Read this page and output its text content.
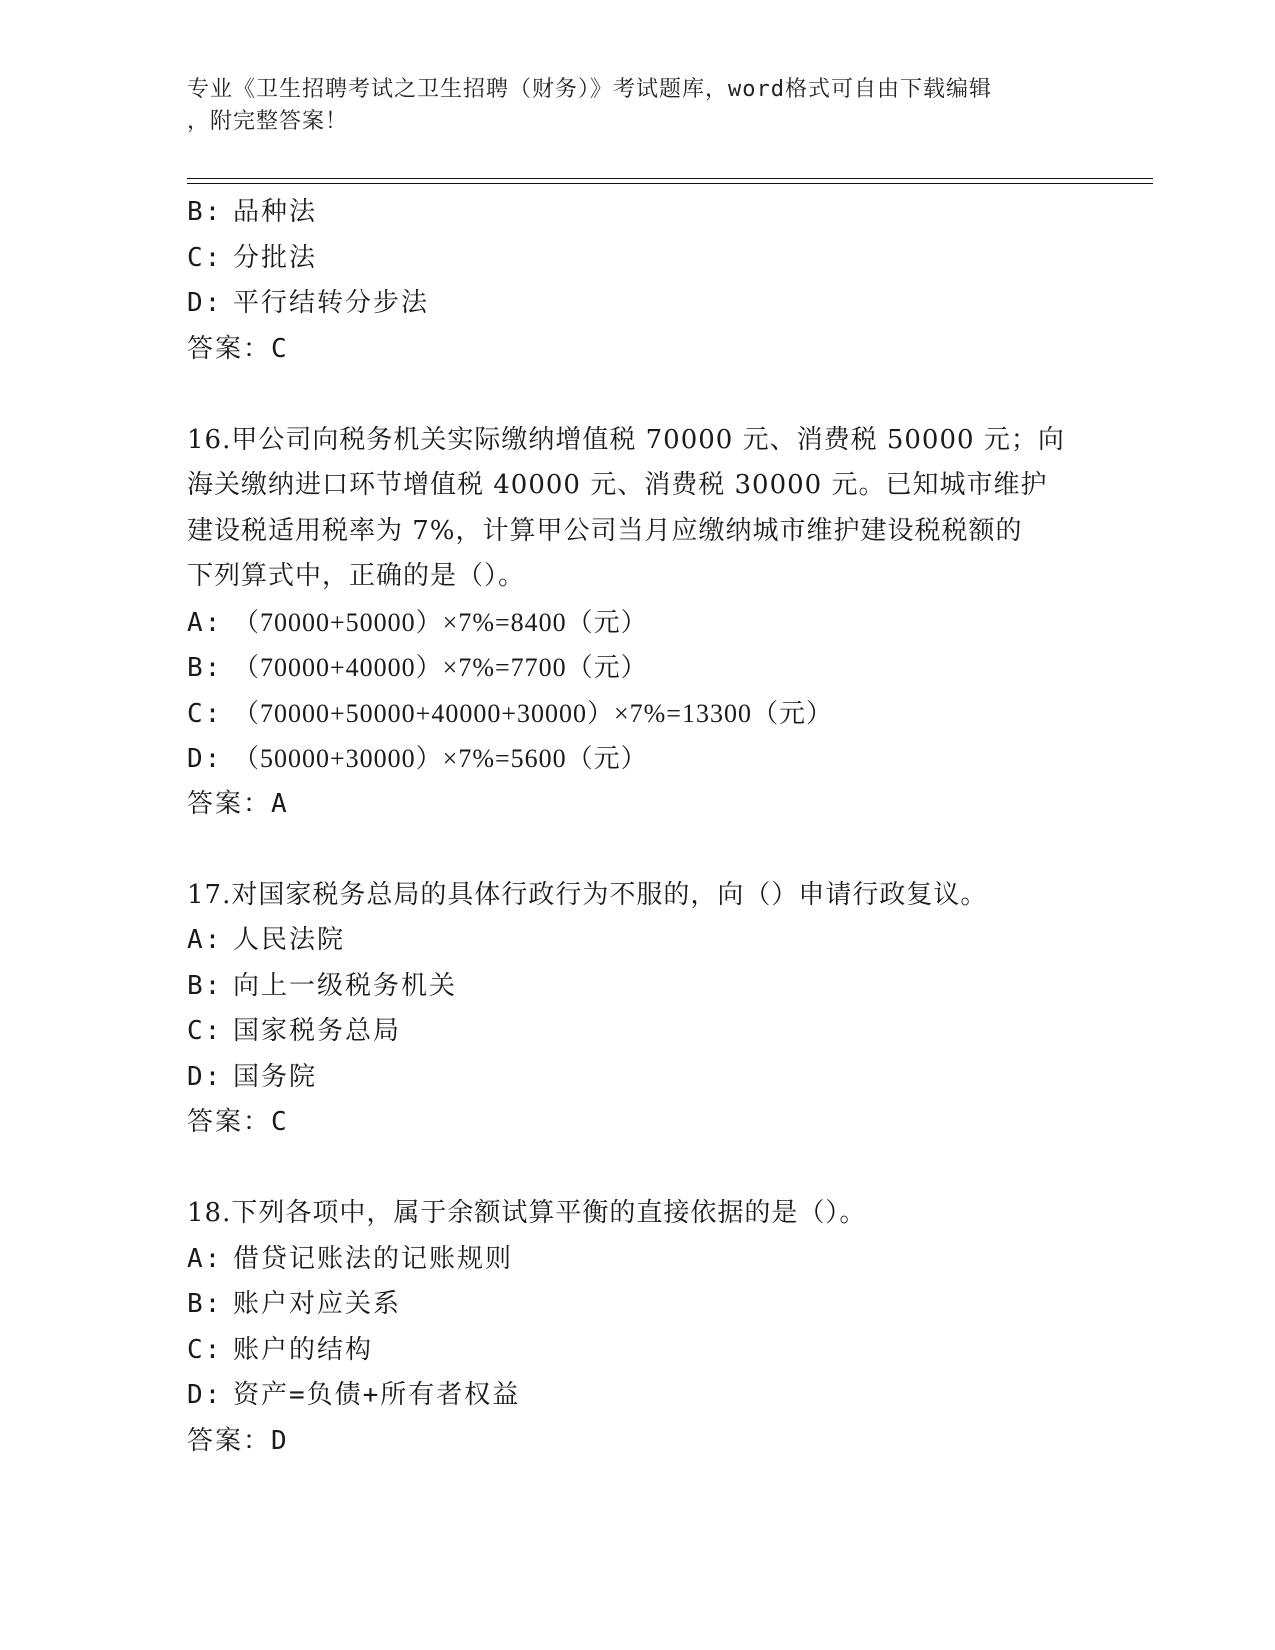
专业《卫生招聘考试之卫生招聘（财务）》考试题库，word格式可自由下载编辑
，附完整答案！
B: 品种法
C: 分批法
D: 平行结转分步法
答案：C
16.甲公司向税务机关实际缴纳增值税 70000 元、消费税 50000 元；向
海关缴纳进口环节增值税 40000 元、消费税 30000 元。已知城市维护
建设税适用税率为 7%，计算甲公司当月应缴纳城市维护建设税税额的
下列算式中，正确的是（）。
A: （70000+50000）×7%=8400（元）
B: （70000+40000）×7%=7700（元）
C: （70000+50000+40000+30000）×7%=13300（元）
D: （50000+30000）×7%=5600（元）
答案：A
17.对国家税务总局的具体行政行为不服的，向（）申请行政复议。
A: 人民法院
B: 向上一级税务机关
C: 国家税务总局
D: 国务院
答案：C
18.下列各项中，属于余额试算平衡的直接依据的是（）。
A: 借贷记账法的记账规则
B: 账户对应关系
C: 账户的结构
D: 资产=负债+所有者权益
答案：D
